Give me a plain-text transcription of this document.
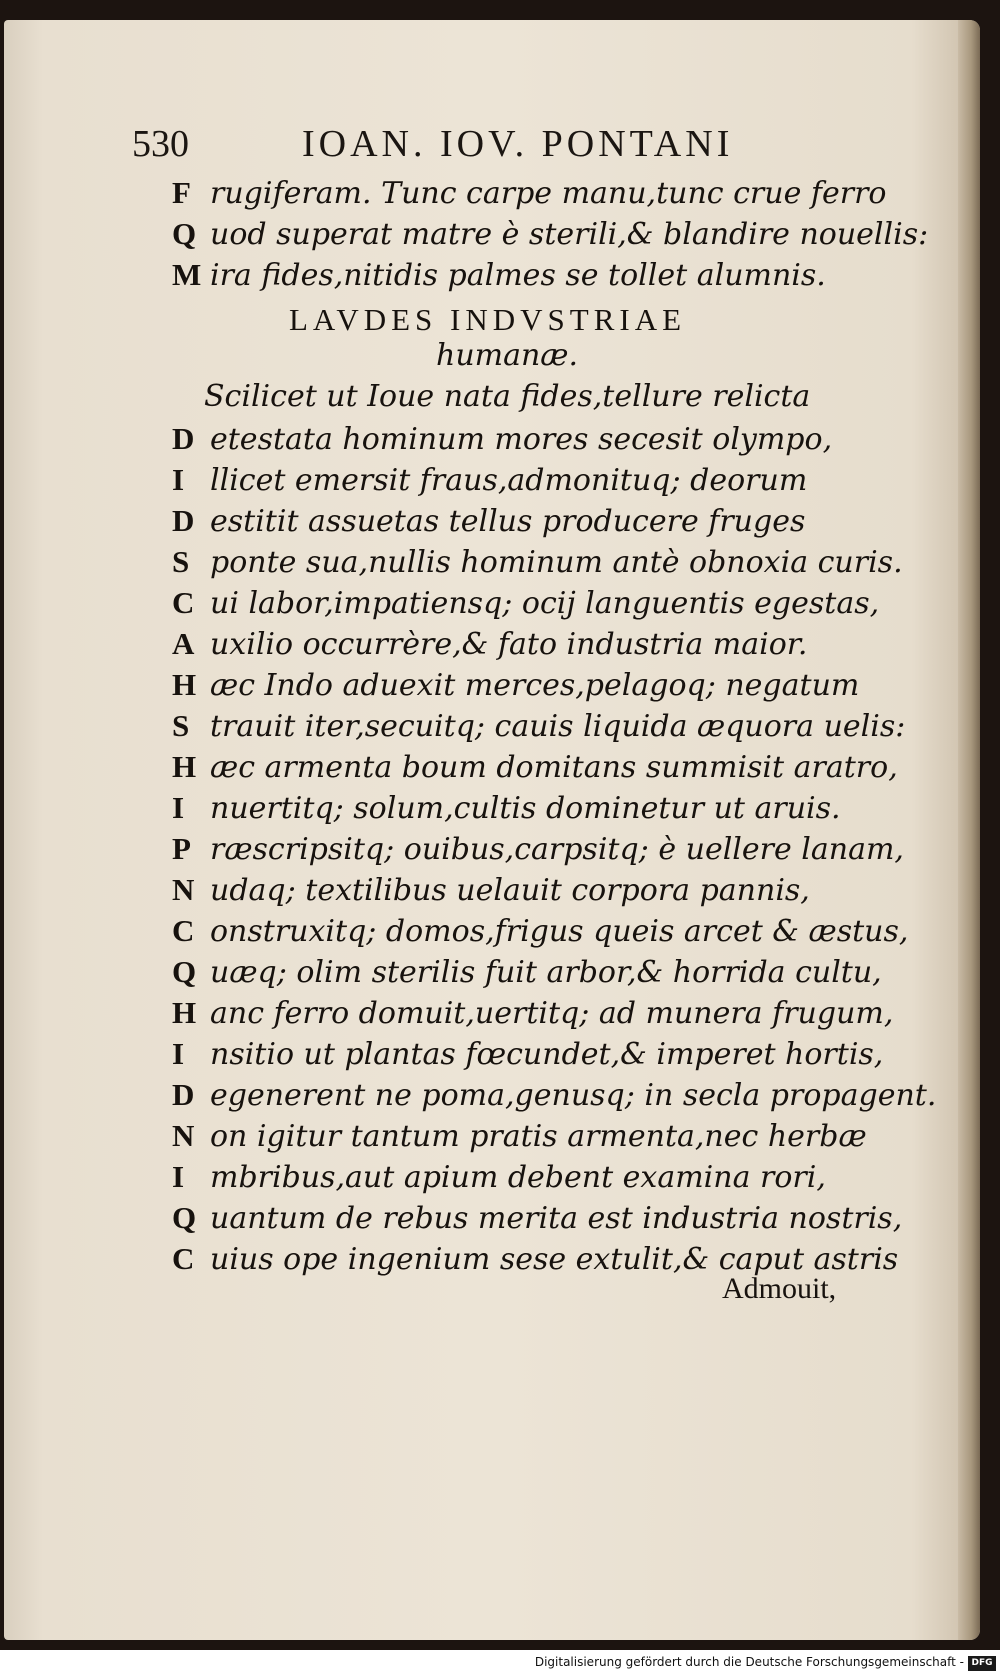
530	IOAN. IOV. PONTANI
F rugiferam. Tunc carpe manu,tunc crue ferro
Q uod superat matre è sterili,& blandire nouellis:
M ira fides,nitidis palmes se tollet alumnis.
LAVDES INDVSTRIAE
humanæ.
Scilicet ut Ioue nata fides,tellure relicta
D etestata hominum mores secesit olympo,
I llicet emersit fraus,admonituq; deorum
D estitit assuetas tellus producere fruges
S ponte sua,nullis hominum antè obnoxia curis.
C ui labor,impatiensq; ocij languentis egestas,
A uxilio occurrère,& fato industria maior.
H æc Indo aduexit merces,pelagoq; negatum
S trauit iter,secuitq; cauis liquida æquora uelis:
H æc armenta boum domitans summisit aratro,
I nuertitq; solum,cultis dominetur ut aruis.
P ræscripsitq; ouibus,carpsitq; è uellere lanam,
N udaq; textilibus uelauit corpora pannis,
C onstruxitq; domos,frigus queis arcet & æstus,
Q uæq; olim sterilis fuit arbor,& horrida cultu,
H anc ferro domuit,uertitq; ad munera frugum,
I nsitio ut plantas fœcundet,& imperet hortis,
D egenerent ne poma,genusq; in secla propagent.
N on igitur tantum pratis armenta,nec herbæ
I mbribus,aut apium debent examina rori,
Q uantum de rebus merita est industria nostris,
C uius ope ingenium sese extulit,& caput astris
Admouit,
Digitalisierung gefördert durch die Deutsche Forschungsgemeinschaft - DFG
